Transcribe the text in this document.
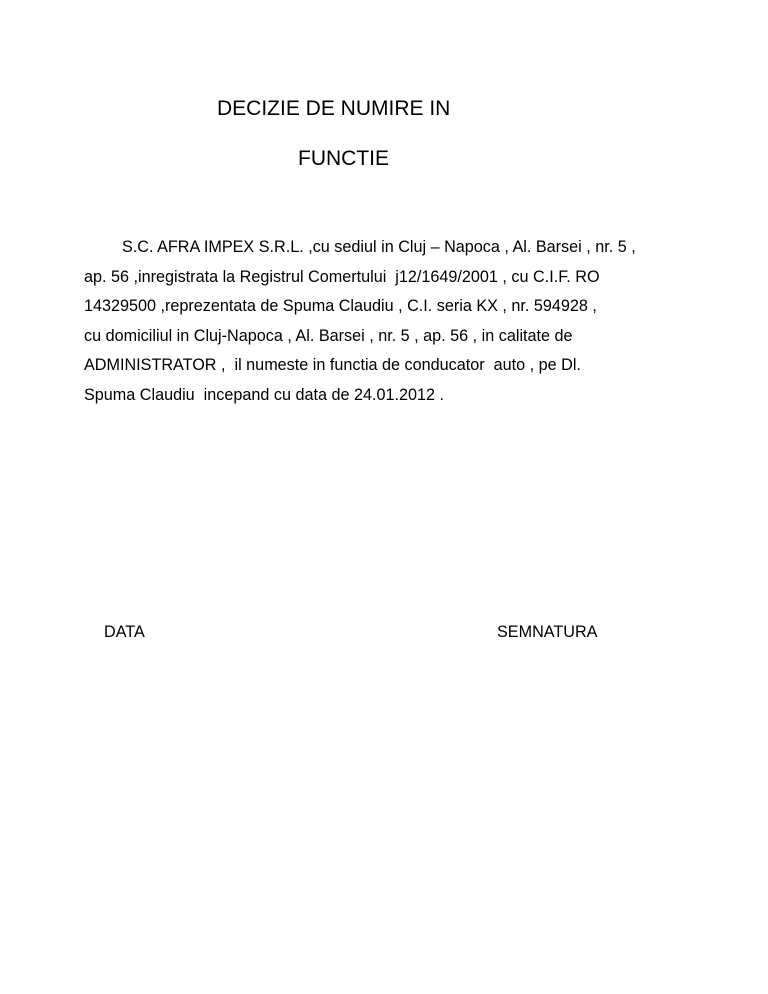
DECIZIE DE NUMIRE IN
FUNCTIE
S.C. AFRA IMPEX S.R.L. ,cu sediul in Cluj – Napoca , Al. Barsei , nr. 5 ,
ap. 56 ,inregistrata la Registrul Comertului  j12/1649/2001 , cu C.I.F. RO
14329500 ,reprezentata de Spuma Claudiu , C.I. seria KX , nr. 594928 ,
cu domiciliul in Cluj-Napoca , Al. Barsei , nr. 5 , ap. 56 , in calitate de
ADMINISTRATOR ,  il numeste in functia de conducator  auto , pe Dl.
Spuma Claudiu  incepand cu data de 24.01.2012 .
DATA	SEMNATURA
